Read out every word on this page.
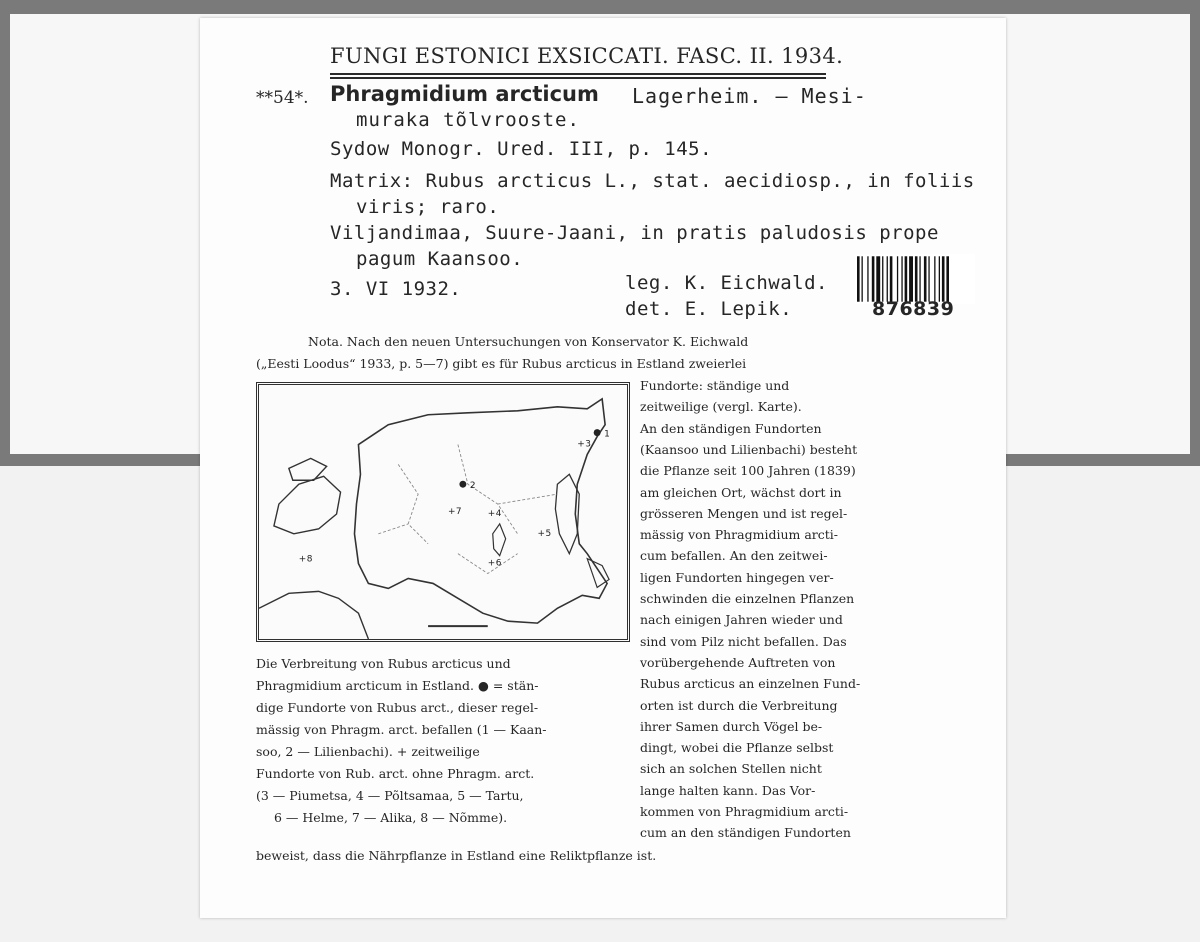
FUNGI ESTONICI EXSICCATI. FASC. II. 1934.
**54*. Phragmidium arcticum Lagerheim. — Mesi-
muraka tõlvrooste.
Sydow Monogr. Ured. III, p. 145.
Matrix: Rubus arcticus L., stat. aecidiosp., in foliis
viris; raro.
Viljandimaa, Suure-Jaani, in pratis paludosis prope
pagum Kaansoo.
3. VI 1932.	leg. K. Eichwald.
det. E. Lepik.	876839
Nota. Nach den neuen Untersuchungen von Konservator K. Eichwald
(„Eesti Loodus“ 1933, p. 5—7) gibt es für Rubus arcticus in Estland zweierlei
Fundorte: ständige und
zeitweilige (vergl. Karte).
An den ständigen Fundorten
(Kaansoo und Lilienbachi) besteht
die Pflanze seit 100 Jahren (1839)
am gleichen Ort, wächst dort in
grösseren Mengen und ist regel-
mässig von Phragmidium arcti-
cum befallen. An den zeitwei-
ligen Fundorten hingegen ver-
schwinden die einzelnen Pflanzen
nach einigen Jahren wieder und
sind vom Pilz nicht befallen. Das
vorübergehende Auftreten von
Rubus arcticus an einzelnen Fund-
orten ist durch die Verbreitung
ihrer Samen durch Vögel be-
dingt, wobei die Pflanze selbst
sich an solchen Stellen nicht
lange halten kann. Das Vor-
kommen von Phragmidium arcti-
cum an den ständigen Fundorten
1
2
+ 3
+ 4
+ 5
+ 6
+ 7
+ 8
Die Verbreitung von Rubus arcticus und
Phragmidium arcticum in Estland. ● = stän-
dige Fundorte von Rubus arct., dieser regel-
mässig von Phragm. arct. befallen (1 — Kaan-
soo, 2 — Lilienbachi). + zeitweilige
Fundorte von Rub. arct. ohne Phragm. arct.
(3 — Piumetsa, 4 — Põltsamaa, 5 — Tartu,
6 — Helme, 7 — Alika, 8 — Nõmme).
beweist, dass die Nährpflanze in Estland eine Reliktpflanze ist.
